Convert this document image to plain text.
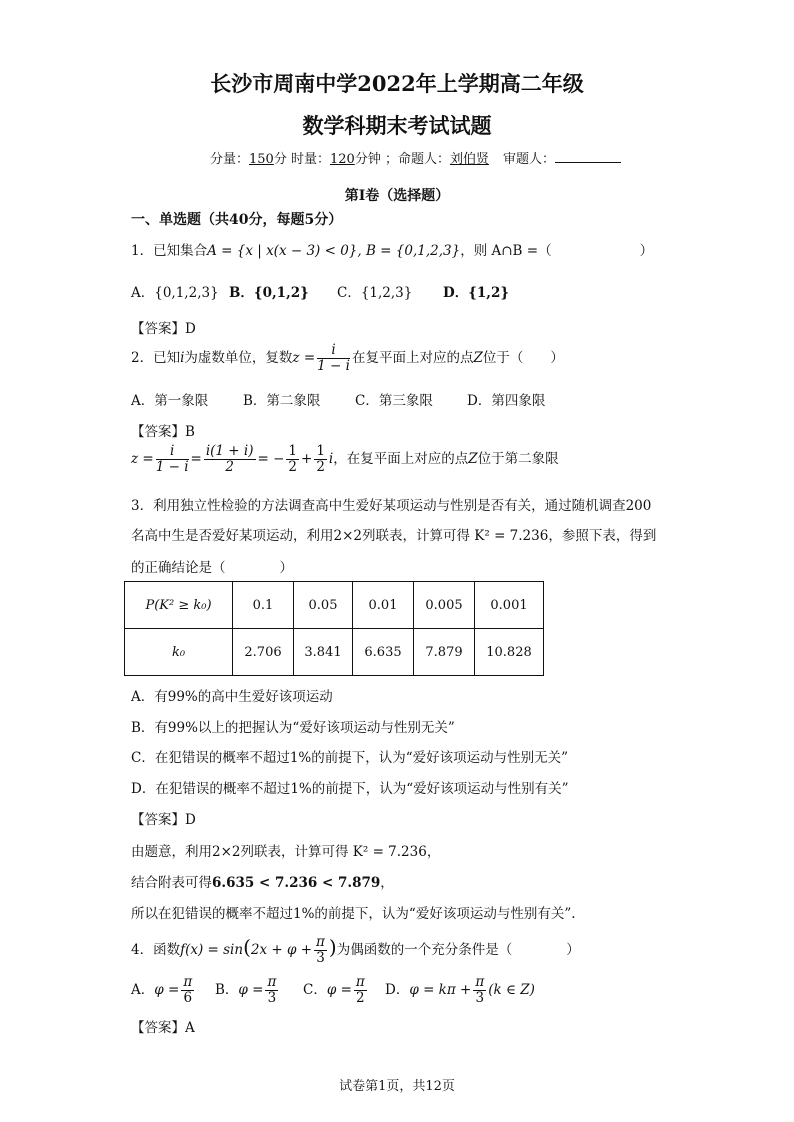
长沙市周南中学2022年上学期高二年级
数学科期末考试试题
分量：150分 时量：120分钟 ；命题人：刘伯贤 审题人：
第I卷（选择题）
一、单选题（共40分，每题5分）
1．已知集合A = {x | x(x − 3) < 0}, B = {0,1,2,3}，则 A∩B =（	）
A．{0,1,2,3} B．{0,1,2} C．{1,2,3} D．{1,2}
【答案】D
2．已知i为虚数单位，复数$z = \frac{i}{1 - i}$ 在复平面上对应的点Z位于（　　）
A．第一象限	B．第二象限	C．第三象限	D．第四象限
【答案】B
$z = \frac{i}{1 - i} = \frac{i(1 + i)}{2}$ = − $\frac{1}{2} + \frac{1}{2}$ i，在复平面上对应的点Z位于第二象限
3．利用独立性检验的方法调查高中生爱好某项运动与性别是否有关，通过随机调查200
名高中生是否爱好某项运动，利用2×2列联表，计算可得 K² = 7.236，参照下表，得到
的正确结论是（　　　　）
P(K² ≥ k₀)	0.1	0.05	0.01	0.005	0.001
k₀	2.706	3.841	6.635	7.879	10.828
A．有99%的高中生爱好该项运动
B．有99%以上的把握认为“爱好该项运动与性别无关”
C．在犯错误的概率不超过1%的前提下，认为“爱好该项运动与性别无关”
D．在犯错误的概率不超过1%的前提下，认为“爱好该项运动与性别有关”
【答案】D
由题意，利用2×2列联表，计算可得 K² = 7.236，
结合附表可得6.635 < 7.236 < 7.879，
所以在犯错误的概率不超过1%的前提下，认为“爱好该项运动与性别有关”.
4．函数$f(x) = \sin(2x + \varphi + \frac{\pi}{3}$ )为偶函数的一个充分条件是（　　　　）
A．$\varphi = \frac{\pi}{6}$ B．$\varphi = \frac{\pi}{3}$ C．$\varphi = \frac{\pi}{2}$ D．$\varphi = k\pi + \frac{\pi}{3} (k$ ∈ Z)
【答案】A
试卷第1页，共12页
